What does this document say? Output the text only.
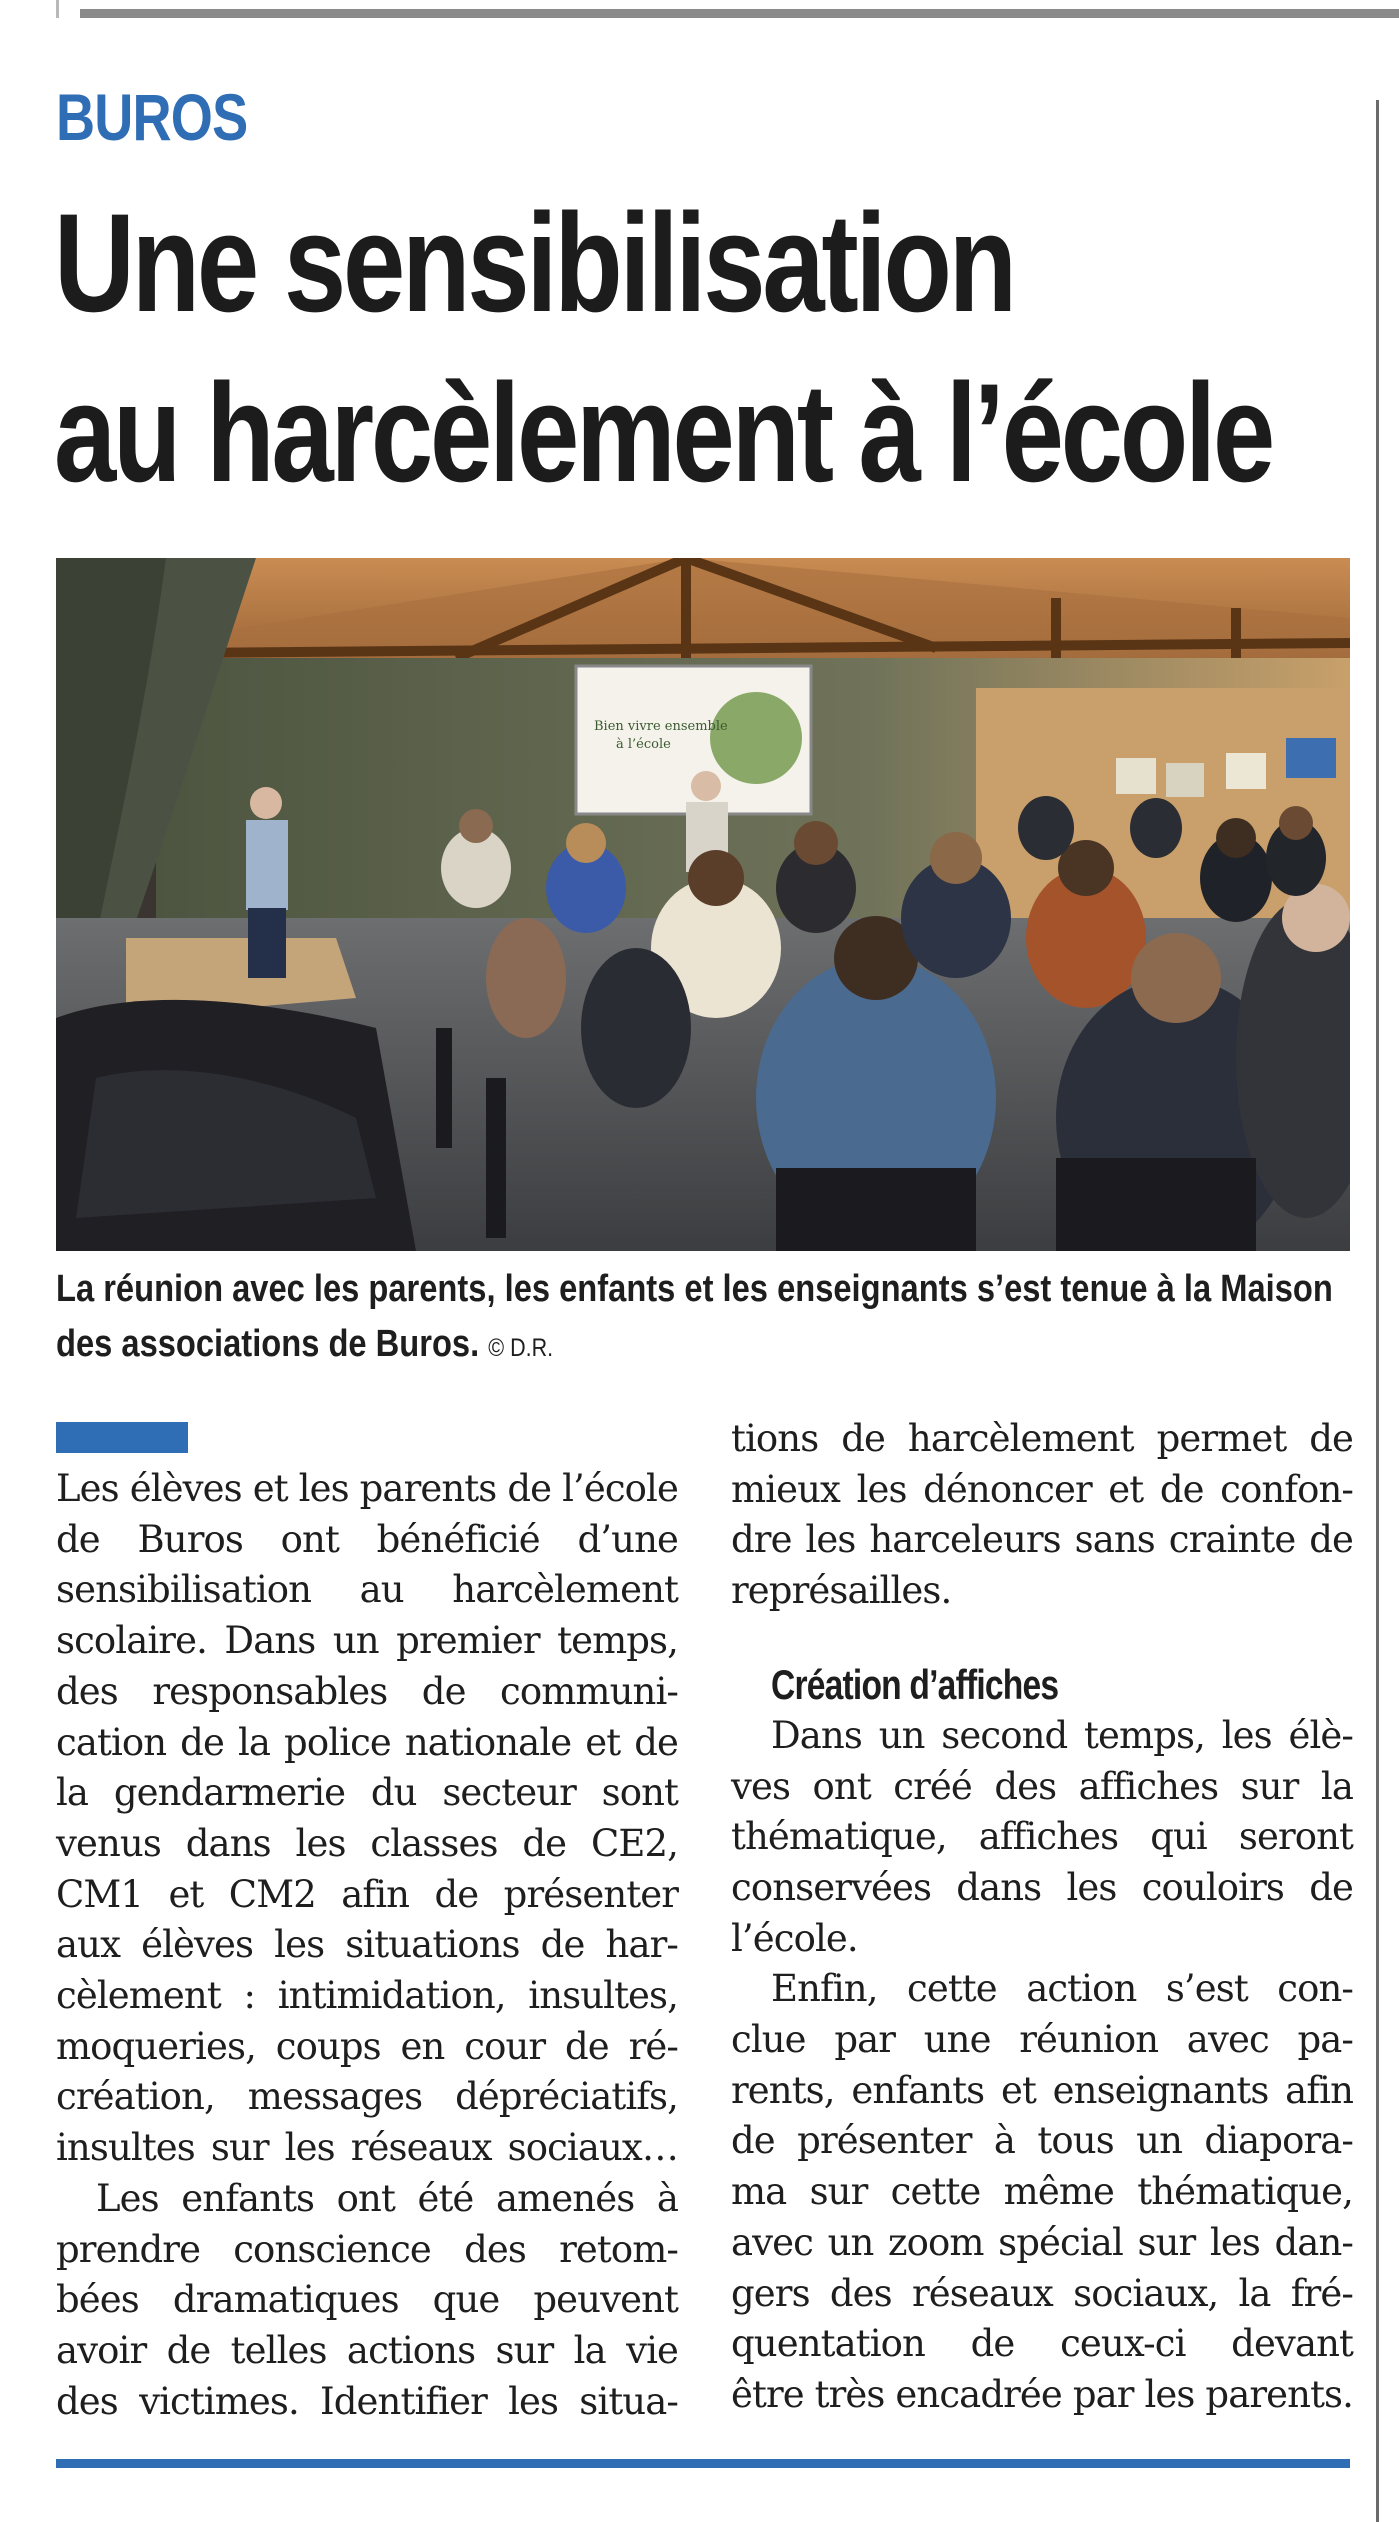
BUROS
Une sensibilisation
au harcèlement à l’école
Bien vivre ensemble
à l’école

La réunion avec les parents, les enfants et les enseignants s’est tenue à la Maison des associations de Buros. © D.R.

Les élèves et les parents de l’école

de Buros ont bénéficié d’une

sensibilisation au harcèlement

scolaire. Dans un premier temps,

des responsables de communi-

cation de la police nationale et de

la gendarmerie du secteur sont

venus dans les classes de CE2,

CM1 et CM2 afin de présenter

aux élèves les situations de har-

cèlement : intimidation, insultes,

moqueries, coups en cour de ré-

création, messages dépréciatifs,

insultes sur les réseaux sociaux…

Les enfants ont été amenés à

prendre conscience des retom-

bées dramatiques que peuvent

avoir de telles actions sur la vie

des victimes. Identifier les situa-

tions de harcèlement permet de

mieux les dénoncer et de confon-

dre les harceleurs sans crainte de

représailles.

Création d’affiches

Dans un second temps, les élè-

ves ont créé des affiches sur la

thématique, affiches qui seront

conservées dans les couloirs de

l’école.

Enfin, cette action s’est con-

clue par une réunion avec pa-

rents, enfants et enseignants afin

de présenter à tous un diapora-

ma sur cette même thématique,

avec un zoom spécial sur les dan-

gers des réseaux sociaux, la fré-

quentation de ceux-ci devant

être très encadrée par les parents.
